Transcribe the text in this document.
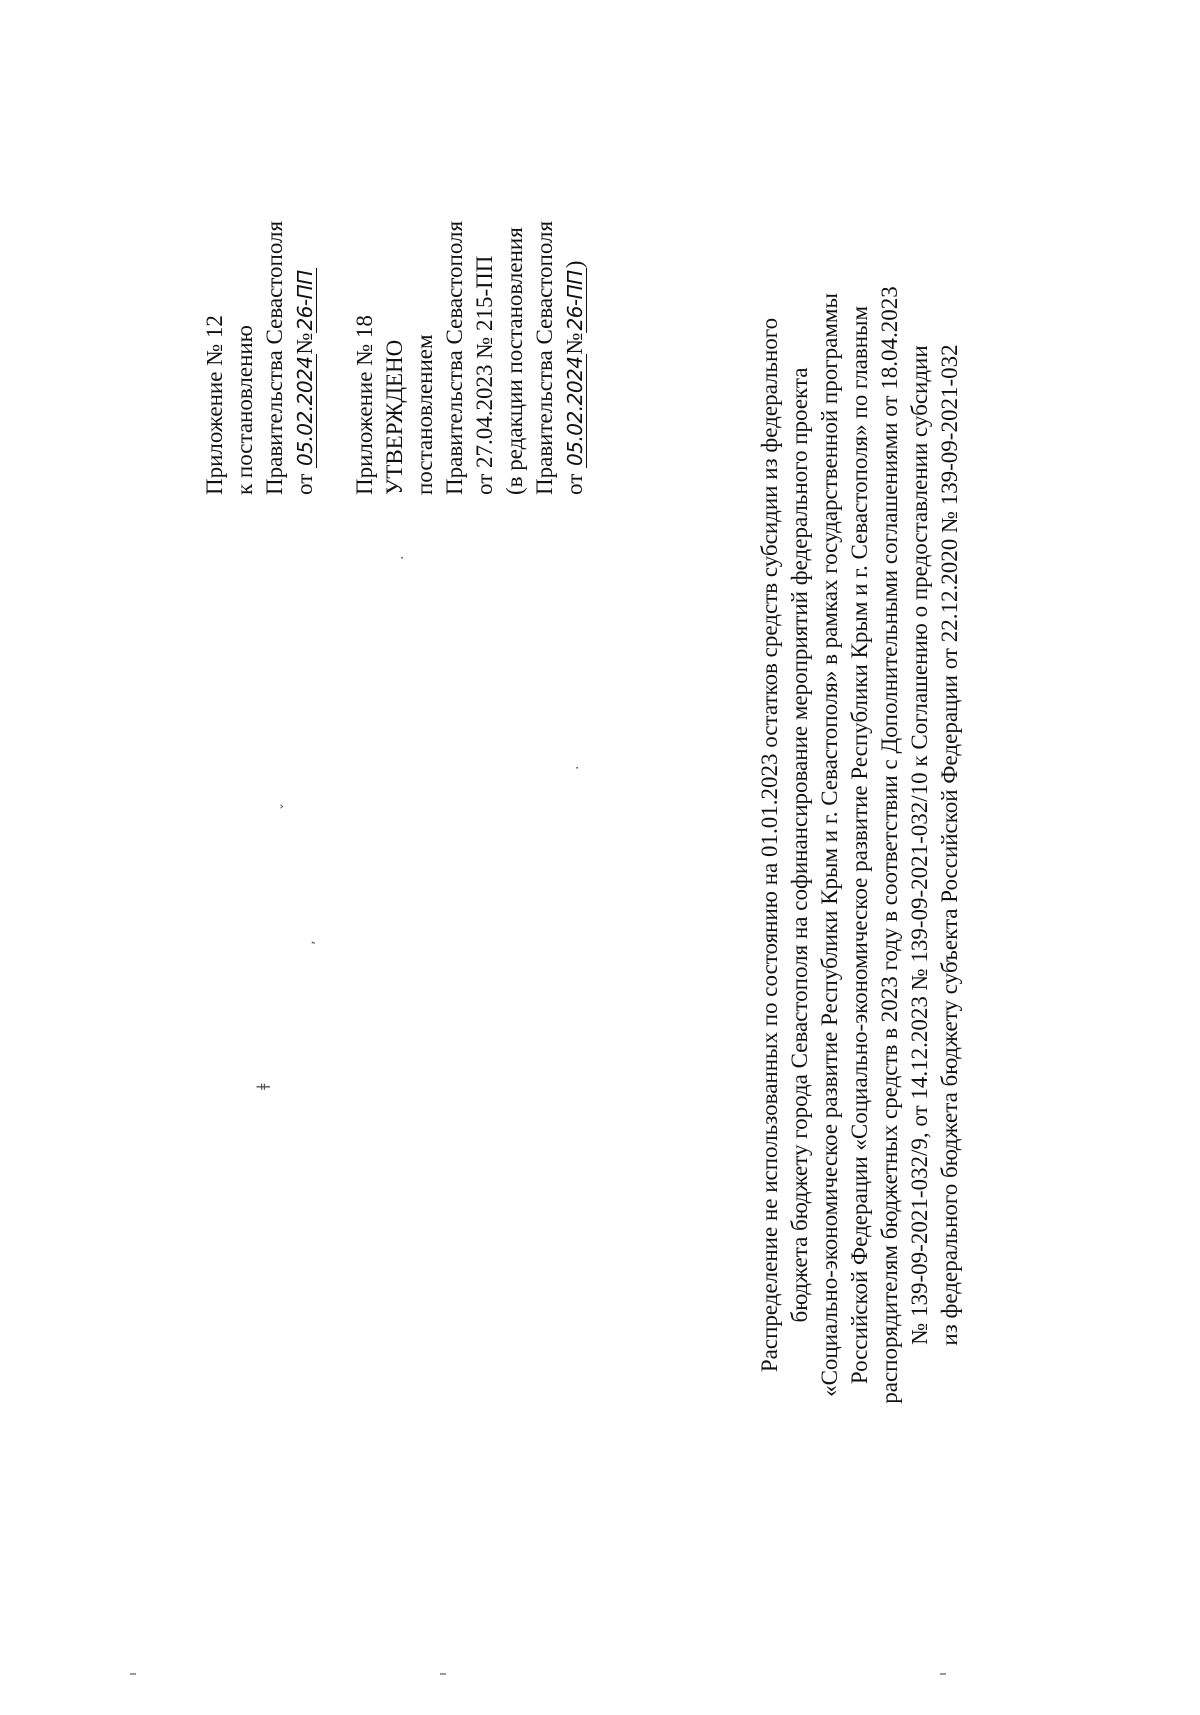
Приложение № 12 к постановлению Правительства Севастополя от 05.02.2024№26-ПП
Приложение № 18 УТВЕРЖДЕНО постановлением Правительства Севастополя от 27.04.2023 № 215-ПП (в редакции постановления Правительства Севастополя от 05.02.2024№26-ПП)
Распределение не использованных по состоянию на 01.01.2023 остатков средств субсидии из федерального бюджета бюджету города Севастополя на софинансирование мероприятий федерального проекта «Социально-экономическое развитие Республики Крым и г. Севастополя» в рамках государственной программы Российской Федерации «Социально-экономическое развитие Республики Крым и г. Севастополя» по главным распорядителям бюджетных средств в 2023 году в соответствии с Дополнительными соглашениями от 18.04.2023 № 139-09-2021-032/9, от 14.12.2023 № 139-09-2021-032/10 к Соглашению о предоставлении субсидии из федерального бюджета бюджету субъекта Российской Федерации от 22.12.2020 № 139-09-2021-032
ˇ
·
·
ʼ
ǂ
